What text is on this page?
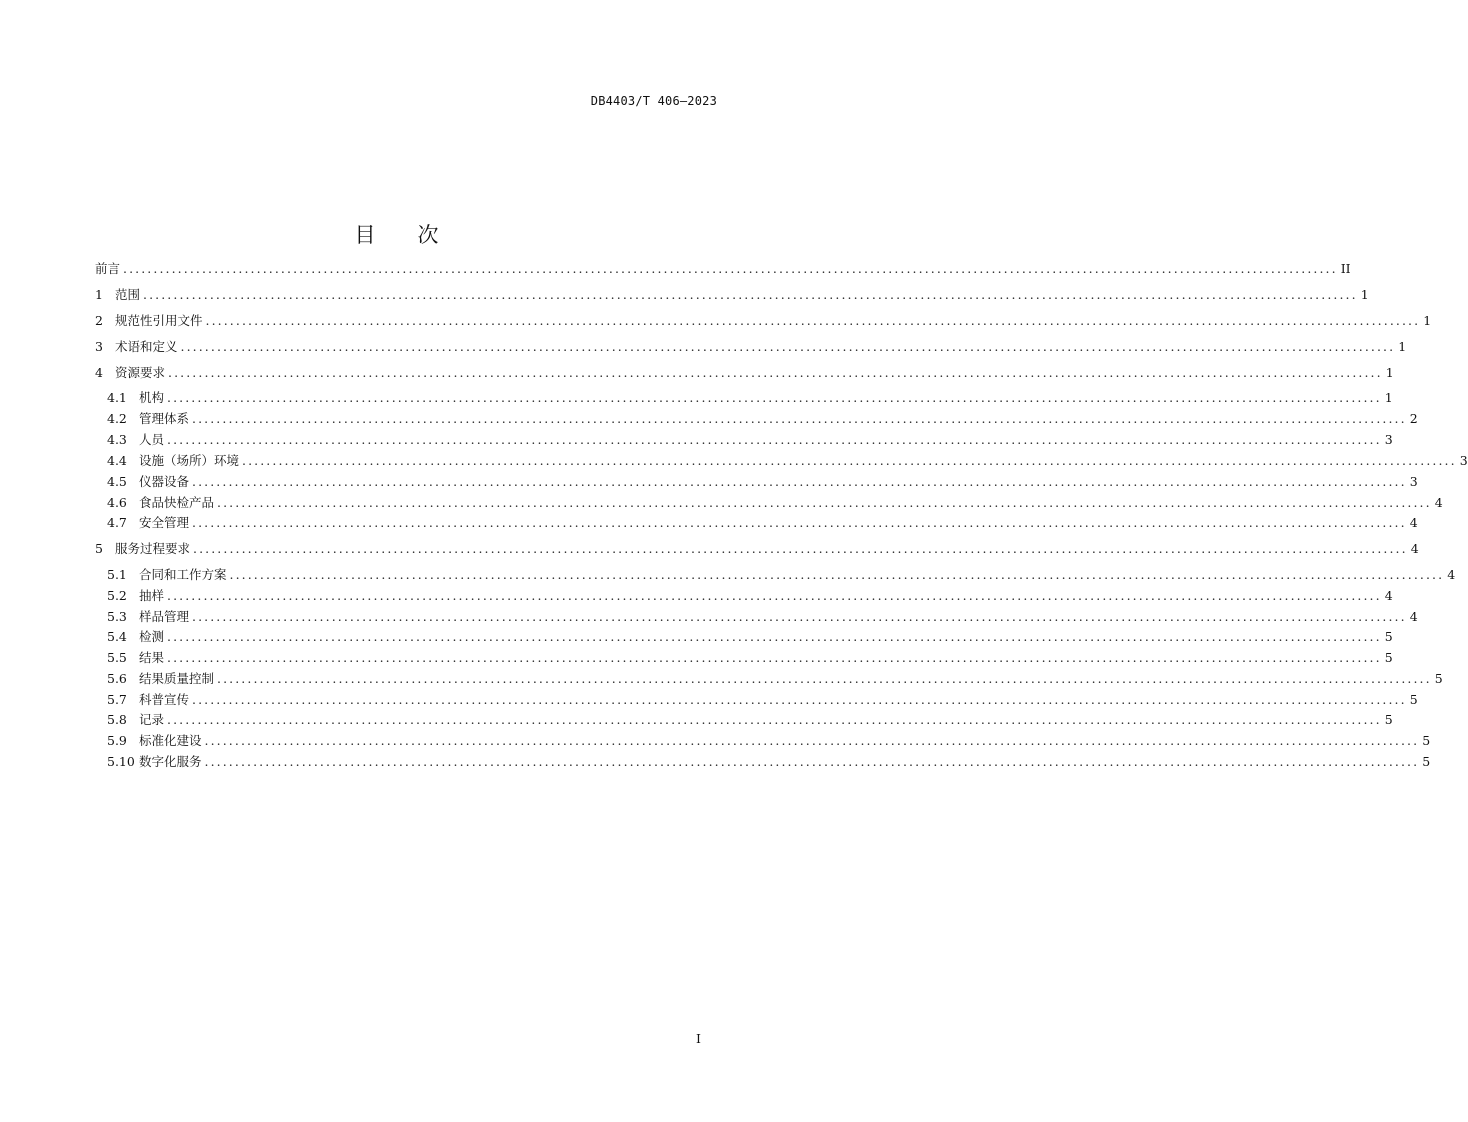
DB4403/T 406—2023
目 次
前言 ........................................................................................................................................................................................................ II
1 范围 ........................................................................................................................................................................................................ 1
2 规范性引用文件 ........................................................................................................................................................................................................ 1
3 术语和定义 ........................................................................................................................................................................................................ 1
4 资源要求 ........................................................................................................................................................................................................ 1
4.1 机构 ........................................................................................................................................................................................................ 1
4.2 管理体系 ........................................................................................................................................................................................................ 2
4.3 人员 ........................................................................................................................................................................................................ 3
4.4 设施（场所）环境 ........................................................................................................................................................................................................ 3
4.5 仪器设备 ........................................................................................................................................................................................................ 3
4.6 食品快检产品 ........................................................................................................................................................................................................ 4
4.7 安全管理 ........................................................................................................................................................................................................ 4
5 服务过程要求 ........................................................................................................................................................................................................ 4
5.1 合同和工作方案 ........................................................................................................................................................................................................ 4
5.2 抽样 ........................................................................................................................................................................................................ 4
5.3 样品管理 ........................................................................................................................................................................................................ 4
5.4 检测 ........................................................................................................................................................................................................ 5
5.5 结果 ........................................................................................................................................................................................................ 5
5.6 结果质量控制 ........................................................................................................................................................................................................ 5
5.7 科普宣传 ........................................................................................................................................................................................................ 5
5.8 记录 ........................................................................................................................................................................................................ 5
5.9 标准化建设 ........................................................................................................................................................................................................ 5
5.10 数字化服务 ........................................................................................................................................................................................................ 5
I
